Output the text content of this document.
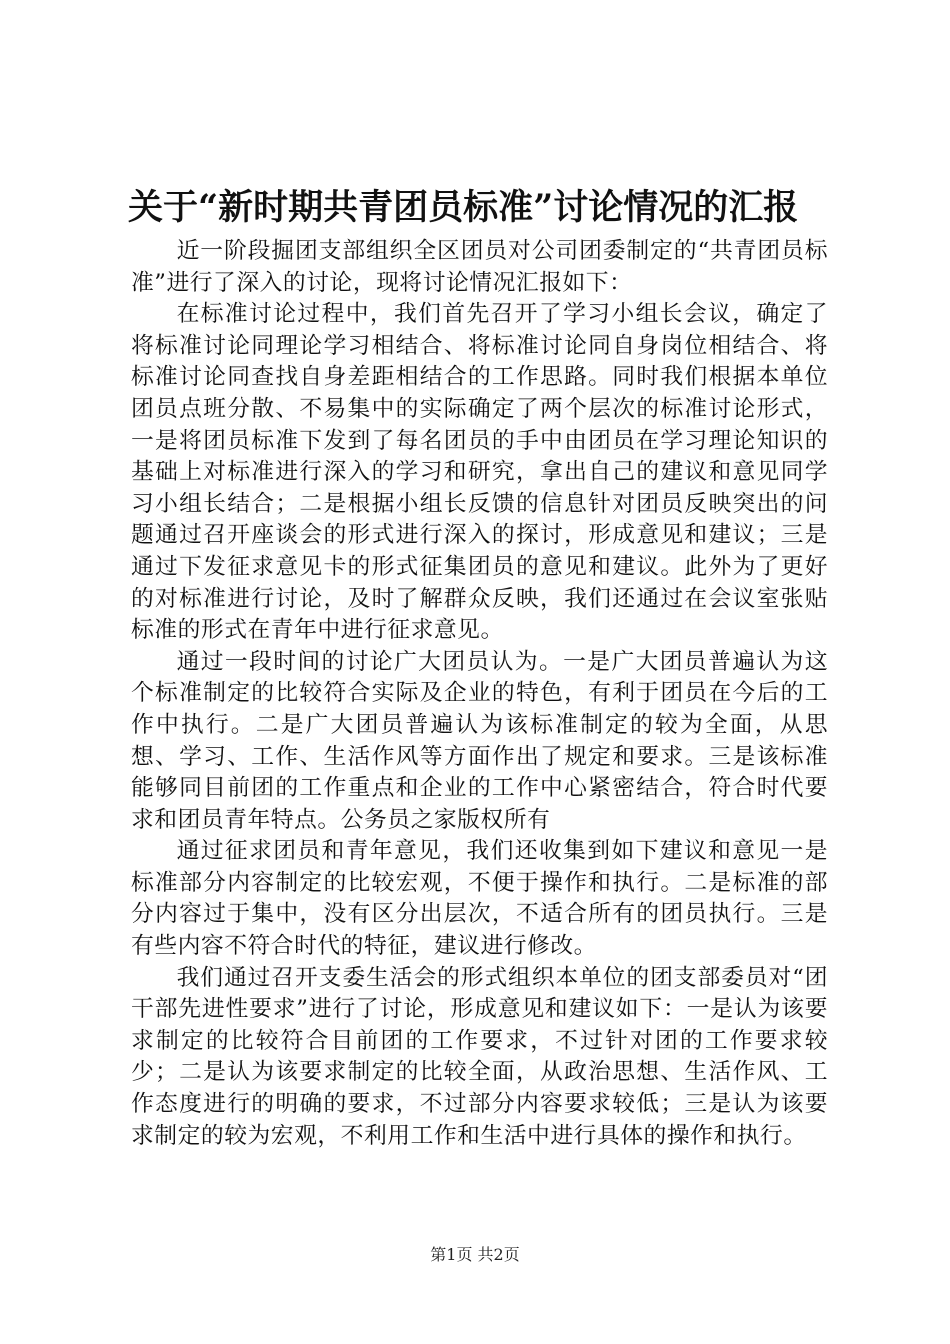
关于“新时期共青团员标准”讨论情况的汇报

近一阶段掘团支部组织全区团员对公司团委制定的“共青团员标准”进行了深入的讨论，现将讨论情况汇报如下：

在标准讨论过程中，我们首先召开了学习小组长会议，确定了将标准讨论同理论学习相结合、将标准讨论同自身岗位相结合、将标准讨论同查找自身差距相结合的工作思路。同时我们根据本单位团员点班分散、不易集中的实际确定了两个层次的标准讨论形式，一是将团员标准下发到了每名团员的手中由团员在学习理论知识的基础上对标准进行深入的学习和研究，拿出自己的建议和意见同学习小组长结合；二是根据小组长反馈的信息针对团员反映突出的问题通过召开座谈会的形式进行深入的探讨，形成意见和建议；三是通过下发征求意见卡的形式征集团员的意见和建议。此外为了更好的对标准进行讨论，及时了解群众反映，我们还通过在会议室张贴标准的形式在青年中进行征求意见。

通过一段时间的讨论广大团员认为。一是广大团员普遍认为这个标准制定的比较符合实际及企业的特色，有利于团员在今后的工作中执行。二是广大团员普遍认为该标准制定的较为全面，从思想、学习、工作、生活作风等方面作出了规定和要求。三是该标准能够同目前团的工作重点和企业的工作中心紧密结合，符合时代要求和团员青年特点。公务员之家版权所有

通过征求团员和青年意见，我们还收集到如下建议和意见一是标准部分内容制定的比较宏观，不便于操作和执行。二是标准的部分内容过于集中，没有区分出层次，不适合所有的团员执行。三是有些内容不符合时代的特征，建议进行修改。

我们通过召开支委生活会的形式组织本单位的团支部委员对“团干部先进性要求”进行了讨论，形成意见和建议如下：一是认为该要求制定的比较符合目前团的工作要求，不过针对团的工作要求较少；二是认为该要求制定的比较全面，从政治思想、生活作风、工作态度进行的明确的要求，不过部分内容要求较低；三是认为该要求制定的较为宏观，不利用工作和生活中进行具体的操作和执行。

第1页 共2页
